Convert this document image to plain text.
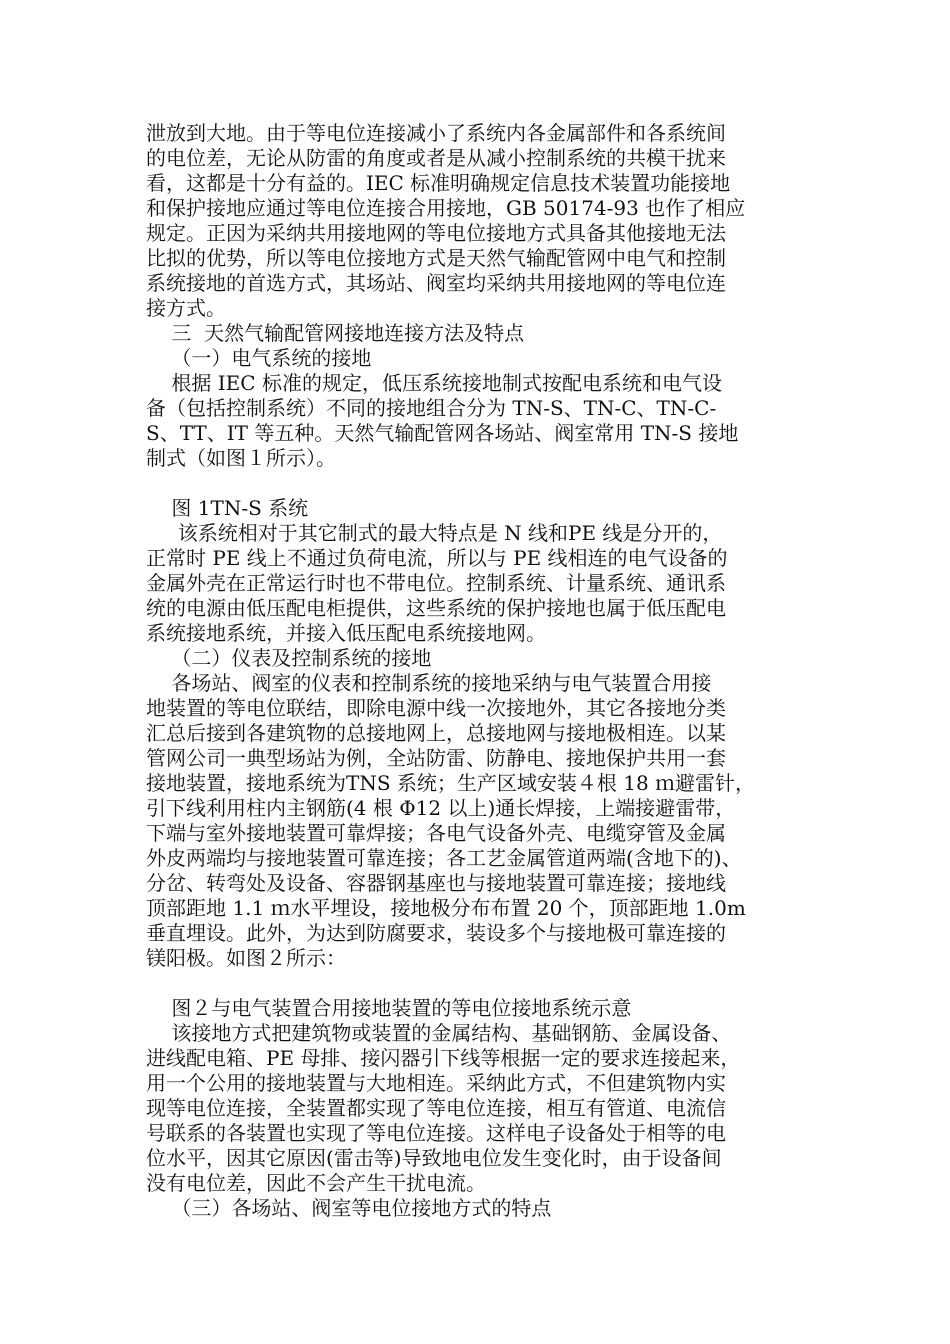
泄放到大地。由于等电位连接减小了系统内各金属部件和各系统间
的电位差，无论从防雷的角度或者是从减小控制系统的共模干扰来
看，这都是十分有益的。IEC 标准明确规定信息技术装置功能接地
和保护接地应通过等电位连接合用接地，GB 50174-93 也作了相应
规定。正因为采纳共用接地网的等电位接地方式具备其他接地无法
比拟的优势，所以等电位接地方式是天然气输配管网中电气和控制
系统接地的首选方式，其场站、阀室均采纳共用接地网的等电位连
接方式。
三  天然气输配管网接地连接方法及特点
（一）电气系统的接地
根据 IEC 标准的规定，低压系统接地制式按配电系统和电气设
备（包括控制系统）不同的接地组合分为 TN-S、TN-C、TN-C-
S、TT、IT 等五种。天然气输配管网各场站、阀室常用 TN-S 接地
制式（如图１所示）。
图 1TN-S 系统
该系统相对于其它制式的最大特点是 N 线和PE 线是分开的，
正常时 PE 线上不通过负荷电流，所以与 PE 线相连的电气设备的
金属外壳在正常运行时也不带电位。控制系统、计量系统、通讯系
统的电源由低压配电柜提供，这些系统的保护接地也属于低压配电
系统接地系统，并接入低压配电系统接地网。
（二）仪表及控制系统的接地
各场站、阀室的仪表和控制系统的接地采纳与电气装置合用接
地装置的等电位联结，即除电源中线一次接地外，其它各接地分类
汇总后接到各建筑物的总接地网上，总接地网与接地极相连。以某
管网公司一典型场站为例，全站防雷、防静电、接地保护共用一套
接地装置，接地系统为TNS 系统；生产区域安装４根 18 ｍ避雷针，
引下线利用柱内主钢筋(4 根 Φ12 以上)通长焊接，上端接避雷带，
下端与室外接地装置可靠焊接；各电气设备外壳、电缆穿管及金属
外皮两端均与接地装置可靠连接；各工艺金属管道两端(含地下的)、
分岔、转弯处及设备、容器钢基座也与接地装置可靠连接；接地线
顶部距地 1.1 ｍ水平埋设，接地极分布布置 20 个，顶部距地 1.0m
垂直埋设。此外，为达到防腐要求，装设多个与接地极可靠连接的
镁阳极。如图２所示：
图２与电气装置合用接地装置的等电位接地系统示意
该接地方式把建筑物或装置的金属结构、基础钢筋、金属设备、
进线配电箱、PE 母排、接闪器引下线等根据一定的要求连接起来，
用一个公用的接地装置与大地相连。采纳此方式，不但建筑物内实
现等电位连接，全装置都实现了等电位连接，相互有管道、电流信
号联系的各装置也实现了等电位连接。这样电子设备处于相等的电
位水平，因其它原因(雷击等)导致地电位发生变化时，由于设备间
没有电位差，因此不会产生干扰电流。
（三）各场站、阀室等电位接地方式的特点
